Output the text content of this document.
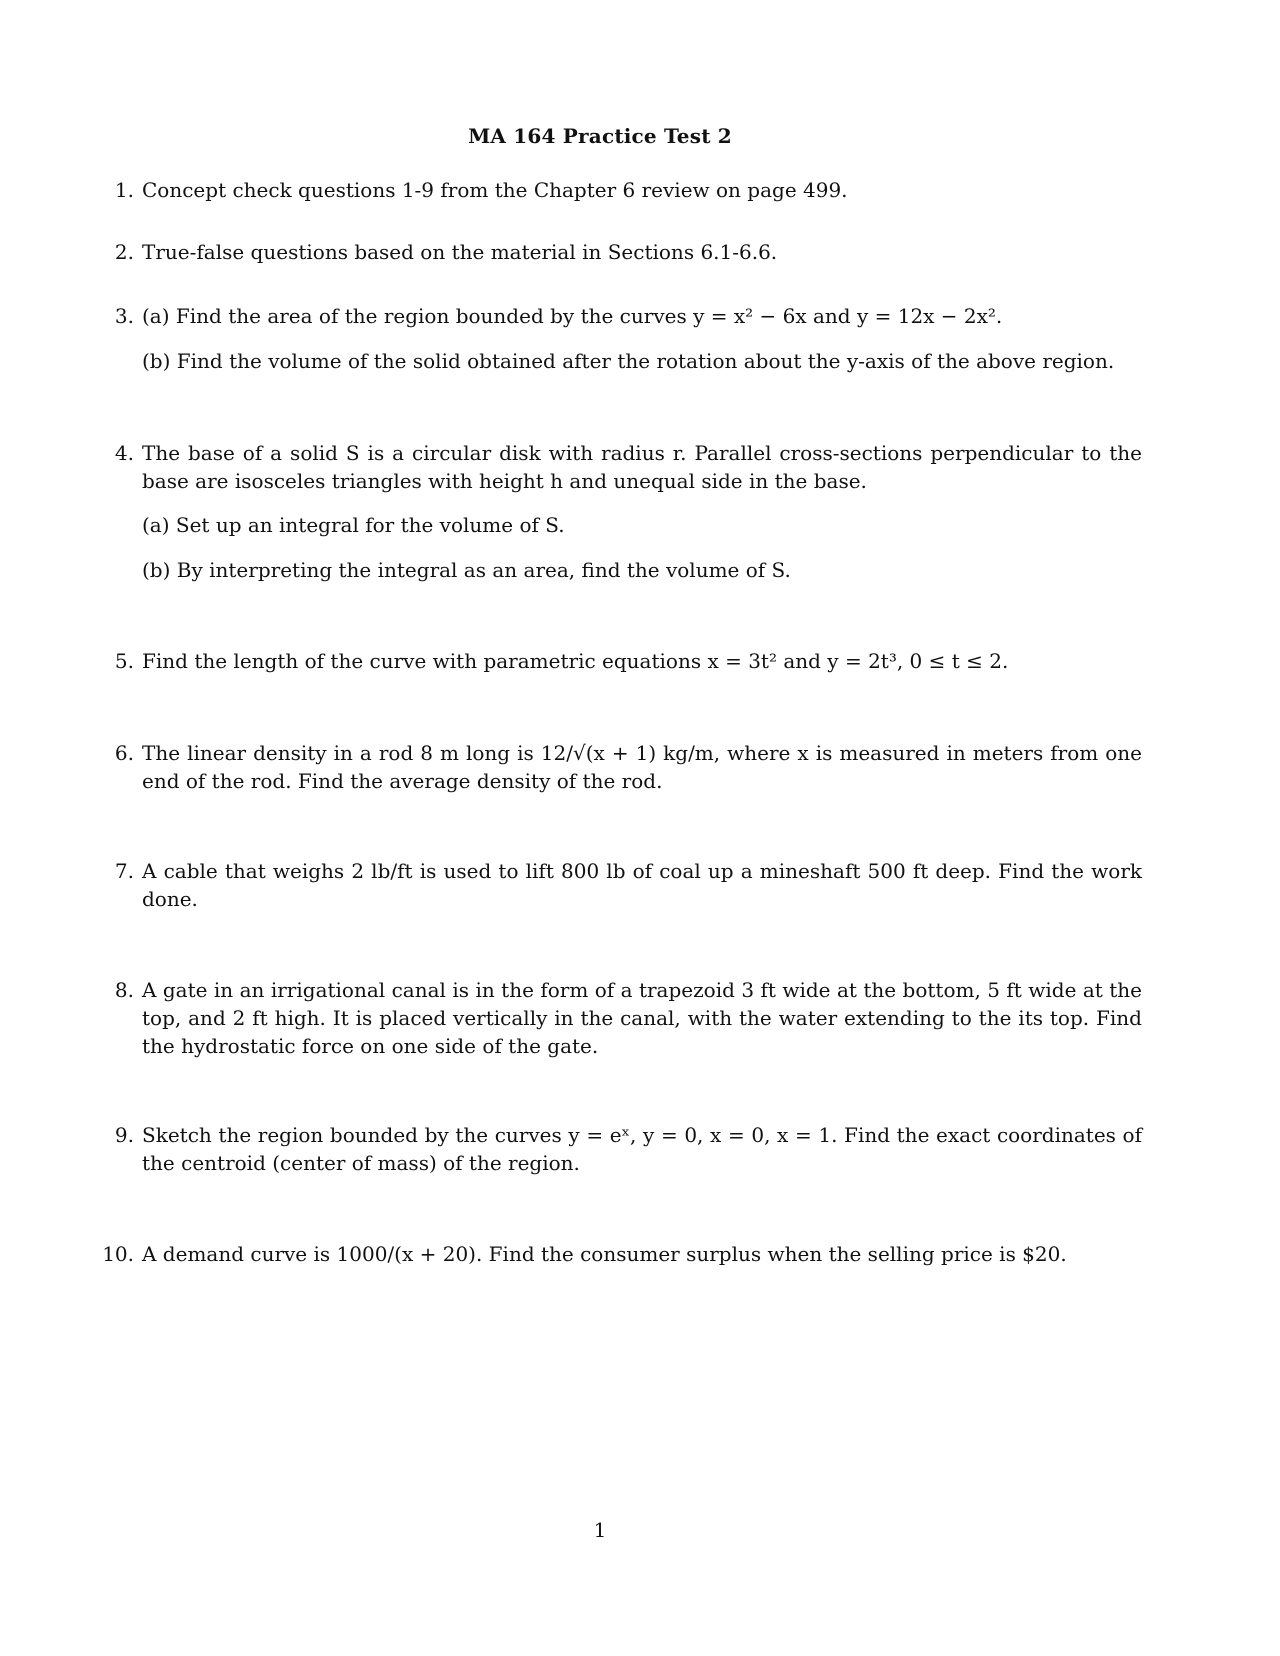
MA 164 Practice Test 2
1. Concept check questions 1-9 from the Chapter 6 review on page 499.
2. True-false questions based on the material in Sections 6.1-6.6.
3. (a) Find the area of the region bounded by the curves y = x² − 6x and y = 12x − 2x².
(b) Find the volume of the solid obtained after the rotation about the y-axis of the above region.
4. The base of a solid S is a circular disk with radius r. Parallel cross-sections perpendicular to the base are isosceles triangles with height h and unequal side in the base.
(a) Set up an integral for the volume of S.
(b) By interpreting the integral as an area, find the volume of S.
5. Find the length of the curve with parametric equations x = 3t² and y = 2t³, 0 ≤ t ≤ 2.
6. The linear density in a rod 8 m long is 12/√(x + 1) kg/m, where x is measured in meters from one end of the rod. Find the average density of the rod.
7. A cable that weighs 2 lb/ft is used to lift 800 lb of coal up a mineshaft 500 ft deep. Find the work done.
8. A gate in an irrigational canal is in the form of a trapezoid 3 ft wide at the bottom, 5 ft wide at the top, and 2 ft high. It is placed vertically in the canal, with the water extending to the its top. Find the hydrostatic force on one side of the gate.
9. Sketch the region bounded by the curves y = eˣ, y = 0, x = 0, x = 1. Find the exact coordinates of the centroid (center of mass) of the region.
10. A demand curve is 1000/(x + 20). Find the consumer surplus when the selling price is $20.
1
